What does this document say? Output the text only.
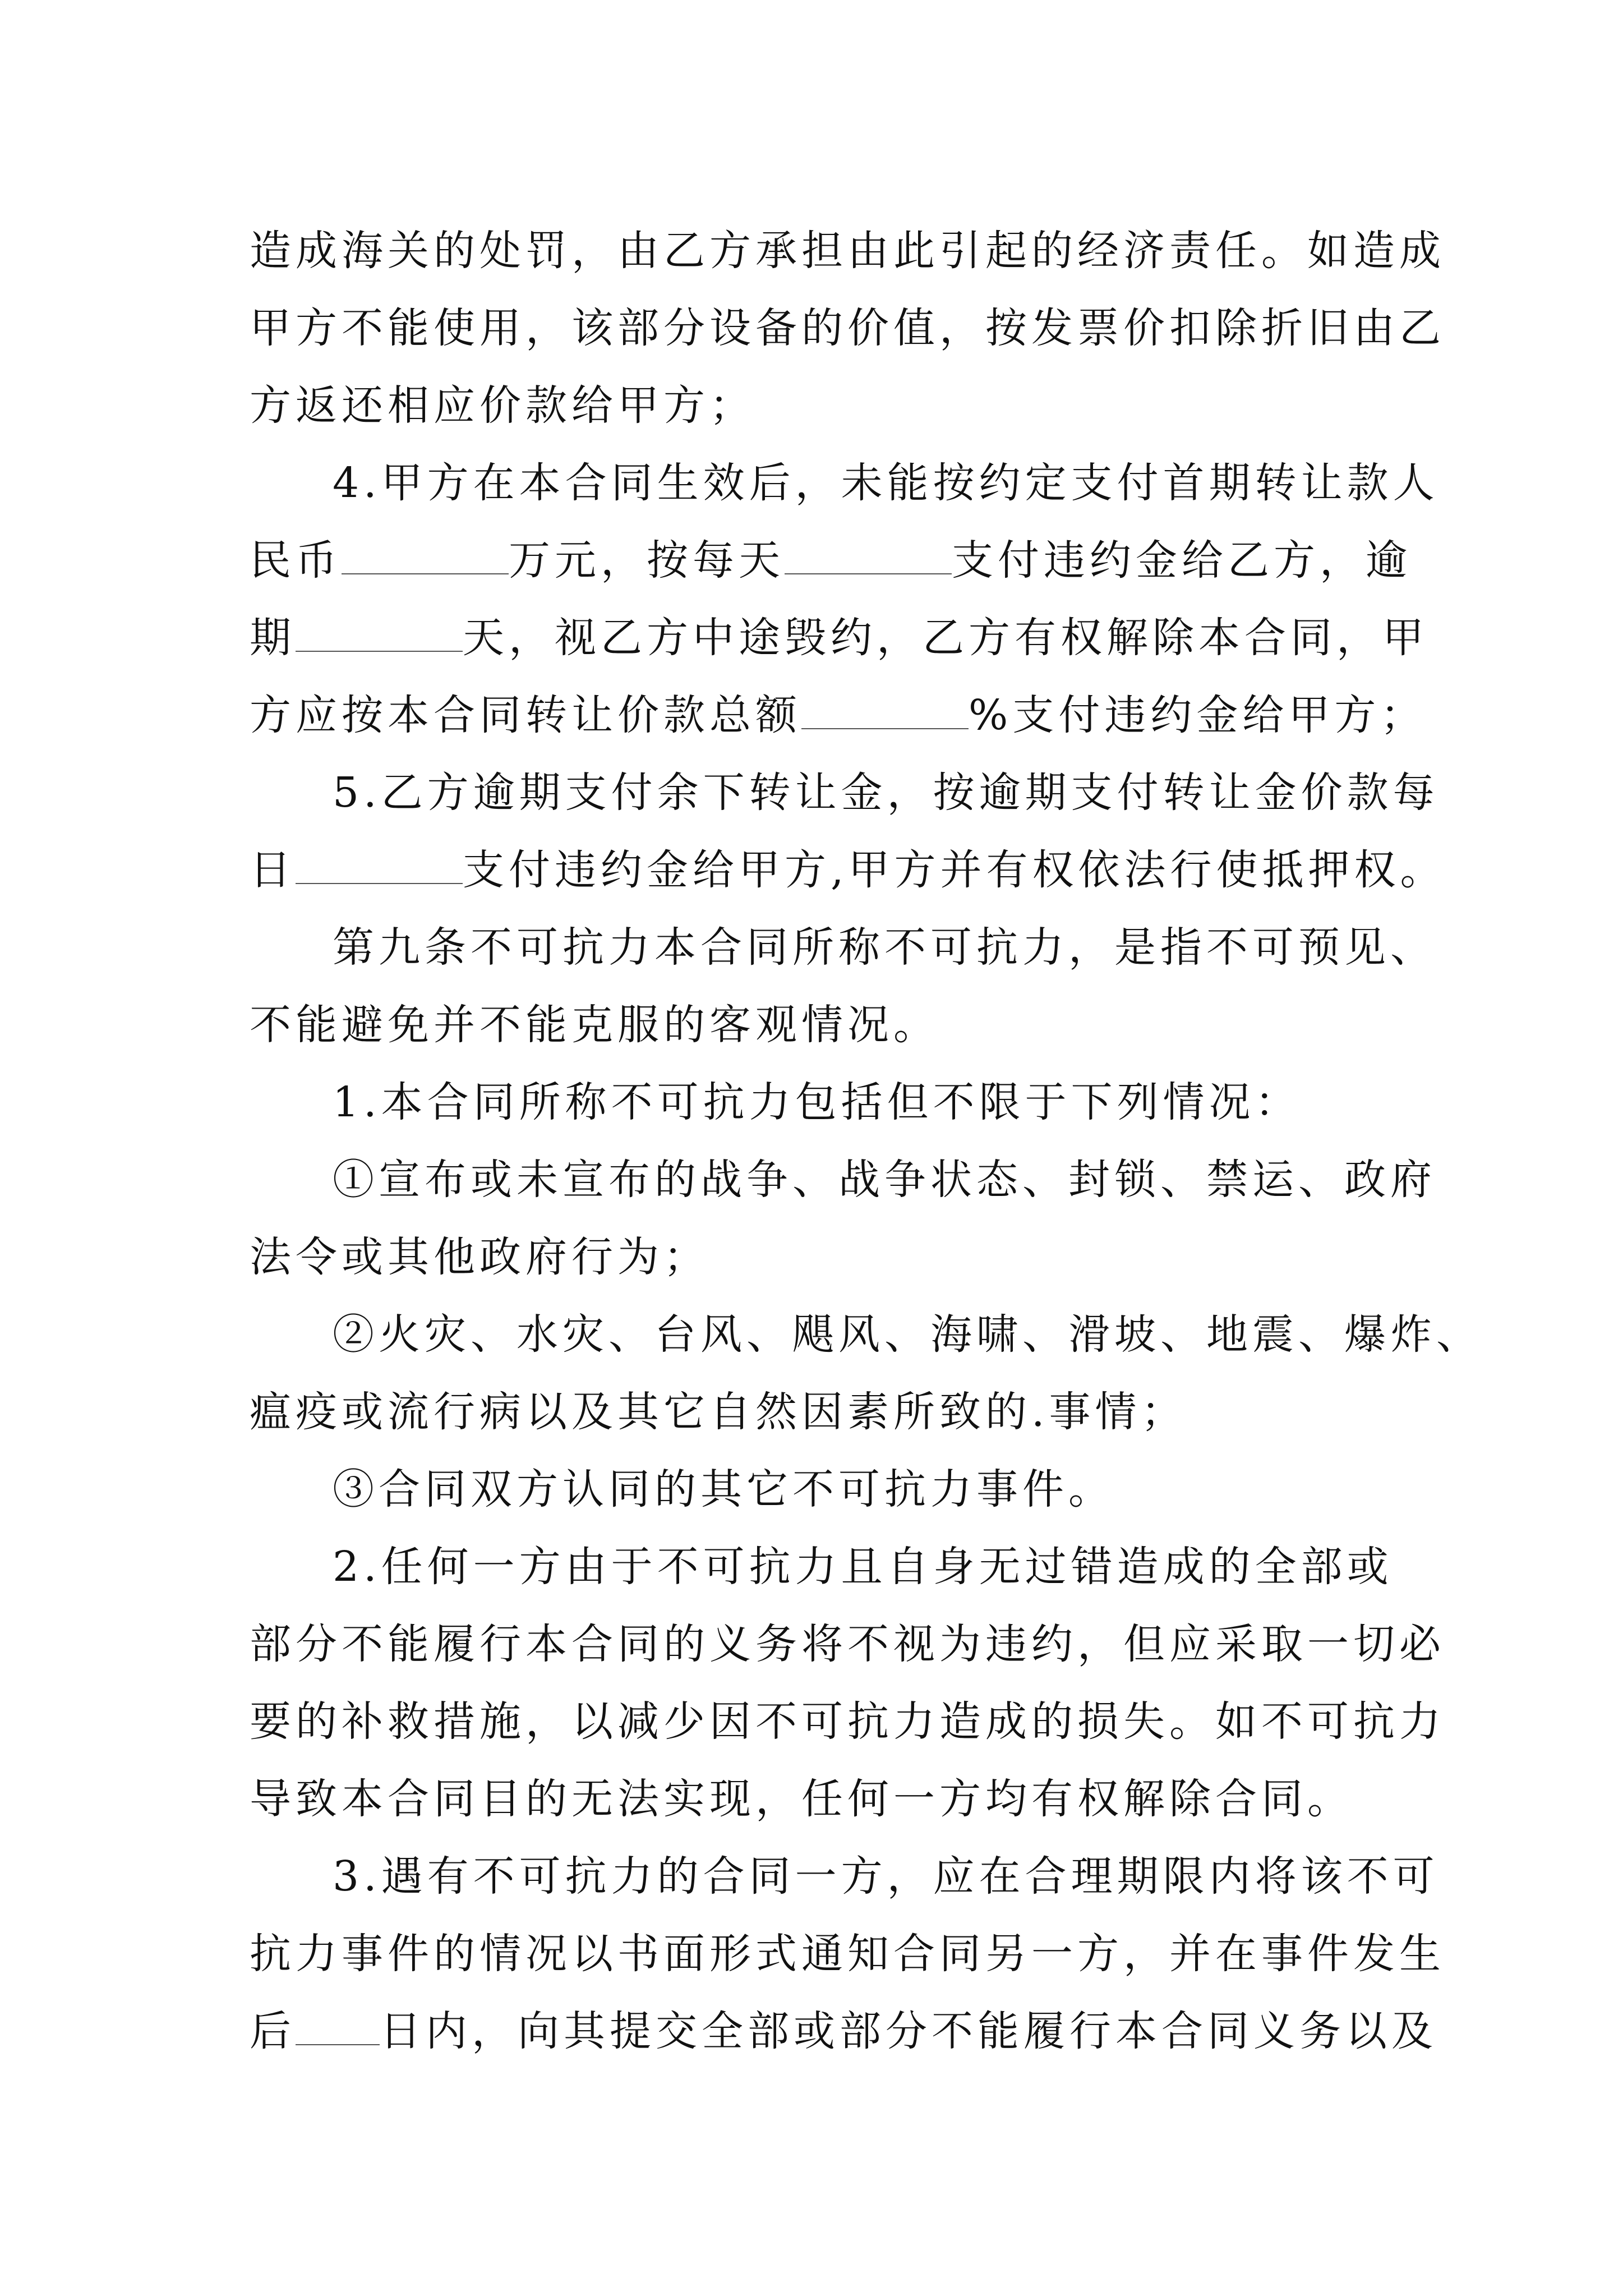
造成海关的处罚，由乙方承担由此引起的经济责任。如造成
甲方不能使用，该部分设备的价值，按发票价扣除折旧由乙
方返还相应价款给甲方；
4.甲方在本合同生效后，未能按约定支付首期转让款人
民币	万元，按每天	支付违约金给乙方，逾
期	天，视乙方中途毁约，乙方有权解除本合同，甲
方应按本合同转让价款总额	%支付违约金给甲方；
5.乙方逾期支付余下转让金，按逾期支付转让金价款每
日	支付违约金给甲方,甲方并有权依法行使抵押权。
第九条不可抗力本合同所称不可抗力，是指不可预见、
不能避免并不能克服的客观情况。
1.本合同所称不可抗力包括但不限于下列情况：
①宣布或未宣布的战争、战争状态、封锁、禁运、政府
法令或其他政府行为；
②火灾、水灾、台风、飓风、海啸、滑坡、地震、爆炸、
瘟疫或流行病以及其它自然因素所致的.事情；
③合同双方认同的其它不可抗力事件。
2.任何一方由于不可抗力且自身无过错造成的全部或
部分不能履行本合同的义务将不视为违约，但应采取一切必
要的补救措施，以减少因不可抗力造成的损失。如不可抗力
导致本合同目的无法实现，任何一方均有权解除合同。
3.遇有不可抗力的合同一方，应在合理期限内将该不可
抗力事件的情况以书面形式通知合同另一方，并在事件发生
后 日内，向其提交全部或部分不能履行本合同义务以及
